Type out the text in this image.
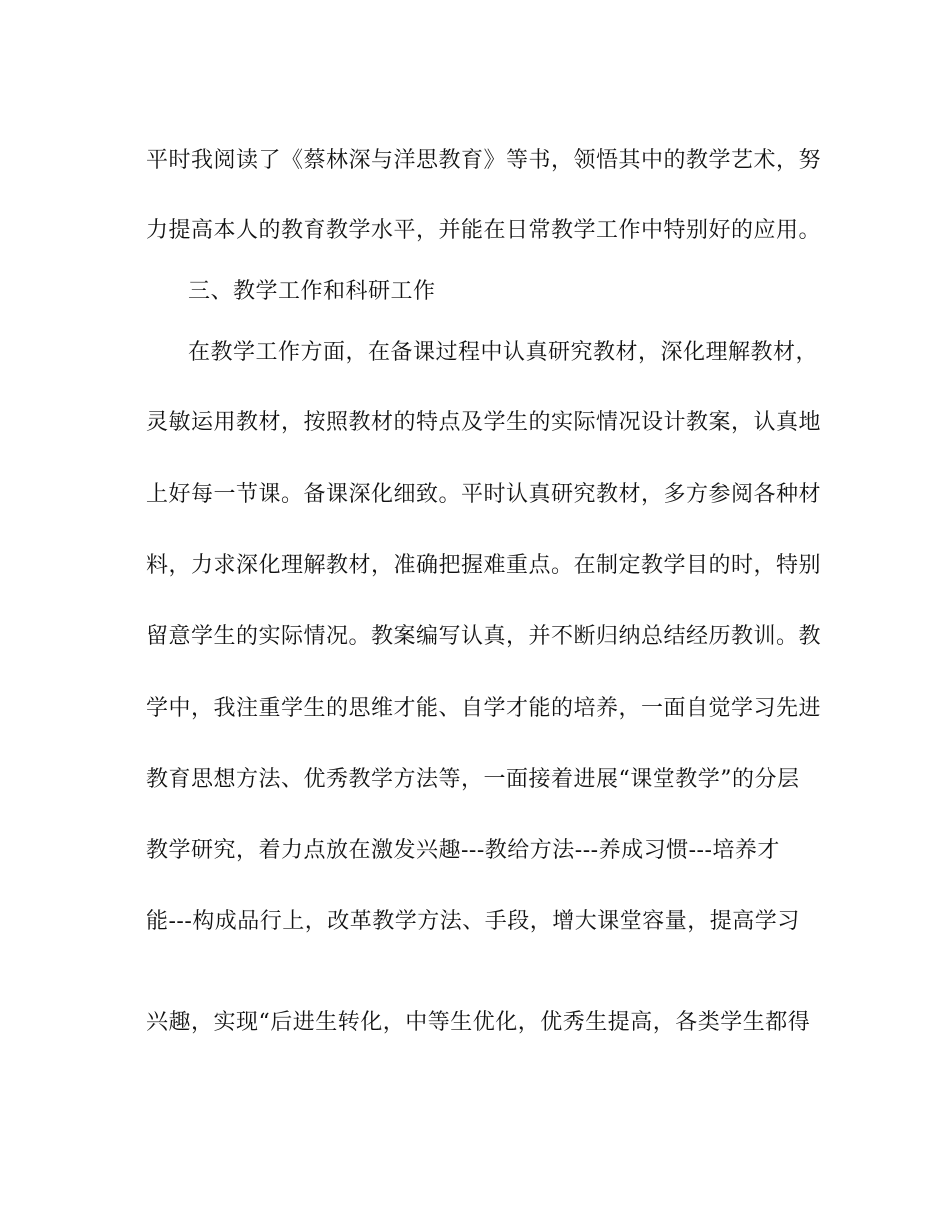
平时我阅读了《蔡林深与洋思教育》等书，领悟其中的教学艺术，努
力提高本人的教育教学水平，并能在日常教学工作中特别好的应用。
三、教学工作和科研工作
在教学工作方面，在备课过程中认真研究教材，深化理解教材，
灵敏运用教材，按照教材的特点及学生的实际情况设计教案，认真地
上好每一节课。备课深化细致。平时认真研究教材，多方参阅各种材
料，力求深化理解教材，准确把握难重点。在制定教学目的时，特别
留意学生的实际情况。教案编写认真，并不断归纳总结经历教训。教
学中，我注重学生的思维才能、自学才能的培养，一面自觉学习先进
教育思想方法、优秀教学方法等，一面接着进展“课堂教学”的分层
教学研究，着力点放在激发兴趣---教给方法---养成习惯---培养才
能---构成品行上，改革教学方法、手段，增大课堂容量，提高学习
兴趣，实现“后进生转化，中等生优化，优秀生提高，各类学生都得
